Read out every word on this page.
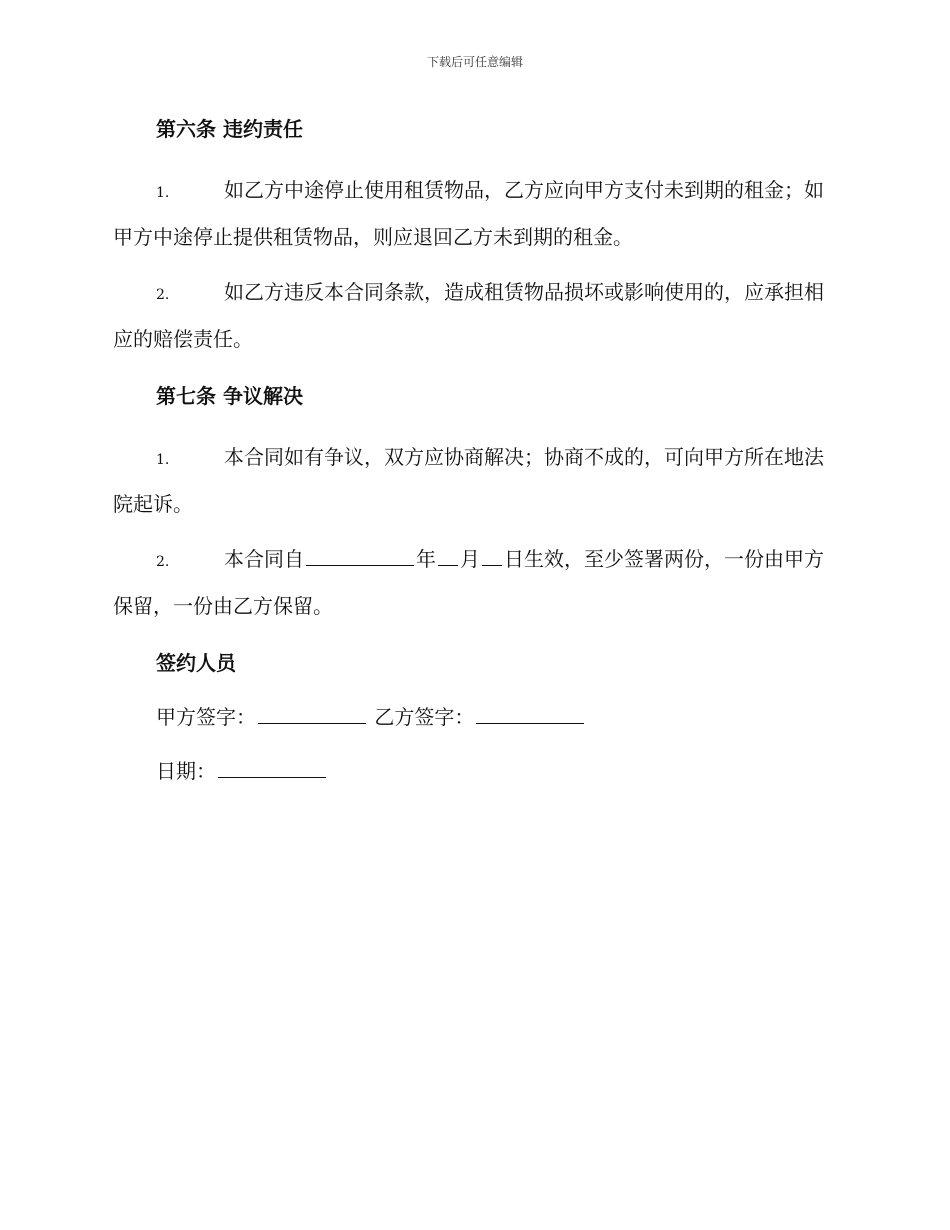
下载后可任意编辑
第六条 违约责任

1.	如乙方中途停止使用租赁物品，乙方应向甲方支付未到期的租金；如甲方中途停止提供租赁物品，则应退回乙方未到期的租金。

2.	如乙方违反本合同条款，造成租赁物品损坏或影响使用的，应承担相应的赔偿责任。

第七条 争议解决

1.	本合同如有争议，双方应协商解决；协商不成的，可向甲方所在地法院起诉。

2.	本合同自	年 月 日生效，至少签署两份，一份由甲方保留，一份由乙方保留。

签约人员
甲方签字：	乙方签字：
日期：
